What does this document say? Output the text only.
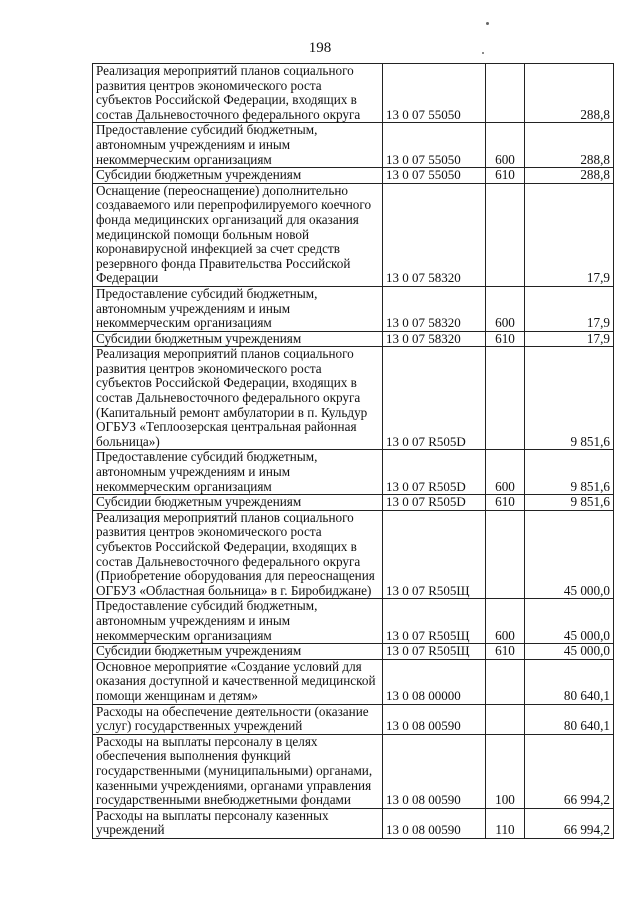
198
Реализация мероприятий планов социального развития центров экономического роста субъектов Российской Федерации, входящих в состав Дальневосточного федерального округа	13 0 07 55050		288,8
Предоставление субсидий бюджетным, автономным учреждениям и иным некоммерческим организациям	13 0 07 55050	600	288,8
Субсидии бюджетным учреждениям	13 0 07 55050	610	288,8
Оснащение (переоснащение) дополнительно создаваемого или перепрофилируемого коечного фонда медицинских организаций для оказания медицинской помощи больным новой коронавирусной инфекцией за счет средств резервного фонда Правительства Российской Федерации	13 0 07 58320		17,9
Предоставление субсидий бюджетным, автономным учреждениям и иным некоммерческим организациям	13 0 07 58320	600	17,9
Субсидии бюджетным учреждениям	13 0 07 58320	610	17,9
Реализация мероприятий планов социального развития центров экономического роста субъектов Российской Федерации, входящих в состав Дальневосточного федерального округа (Капитальный ремонт амбулатории в п. Кульдур ОГБУЗ «Теплоозерская центральная районная больница»)	13 0 07 R505D		9 851,6
Предоставление субсидий бюджетным, автономным учреждениям и иным некоммерческим организациям	13 0 07 R505D	600	9 851,6
Субсидии бюджетным учреждениям	13 0 07 R505D	610	9 851,6
Реализация мероприятий планов социального развития центров экономического роста субъектов Российской Федерации, входящих в состав Дальневосточного федерального округа (Приобретение оборудования для переоснащения ОГБУЗ «Областная больница» в г. Биробиджане)	13 0 07 R505Щ		45 000,0
Предоставление субсидий бюджетным, автономным учреждениям и иным некоммерческим организациям	13 0 07 R505Щ	600	45 000,0
Субсидии бюджетным учреждениям	13 0 07 R505Щ	610	45 000,0
Основное мероприятие «Создание условий для оказания доступной и качественной медицинской помощи женщинам и детям»	13 0 08 00000		80 640,1
Расходы на обеспечение деятельности (оказание услуг) государственных учреждений	13 0 08 00590		80 640,1
Расходы на выплаты персоналу в целях обеспечения выполнения функций государственными (муниципальными) органами, казенными учреждениями, органами управления государственными внебюджетными фондами	13 0 08 00590	100	66 994,2
Расходы на выплаты персоналу казенных учреждений	13 0 08 00590	110	66 994,2
